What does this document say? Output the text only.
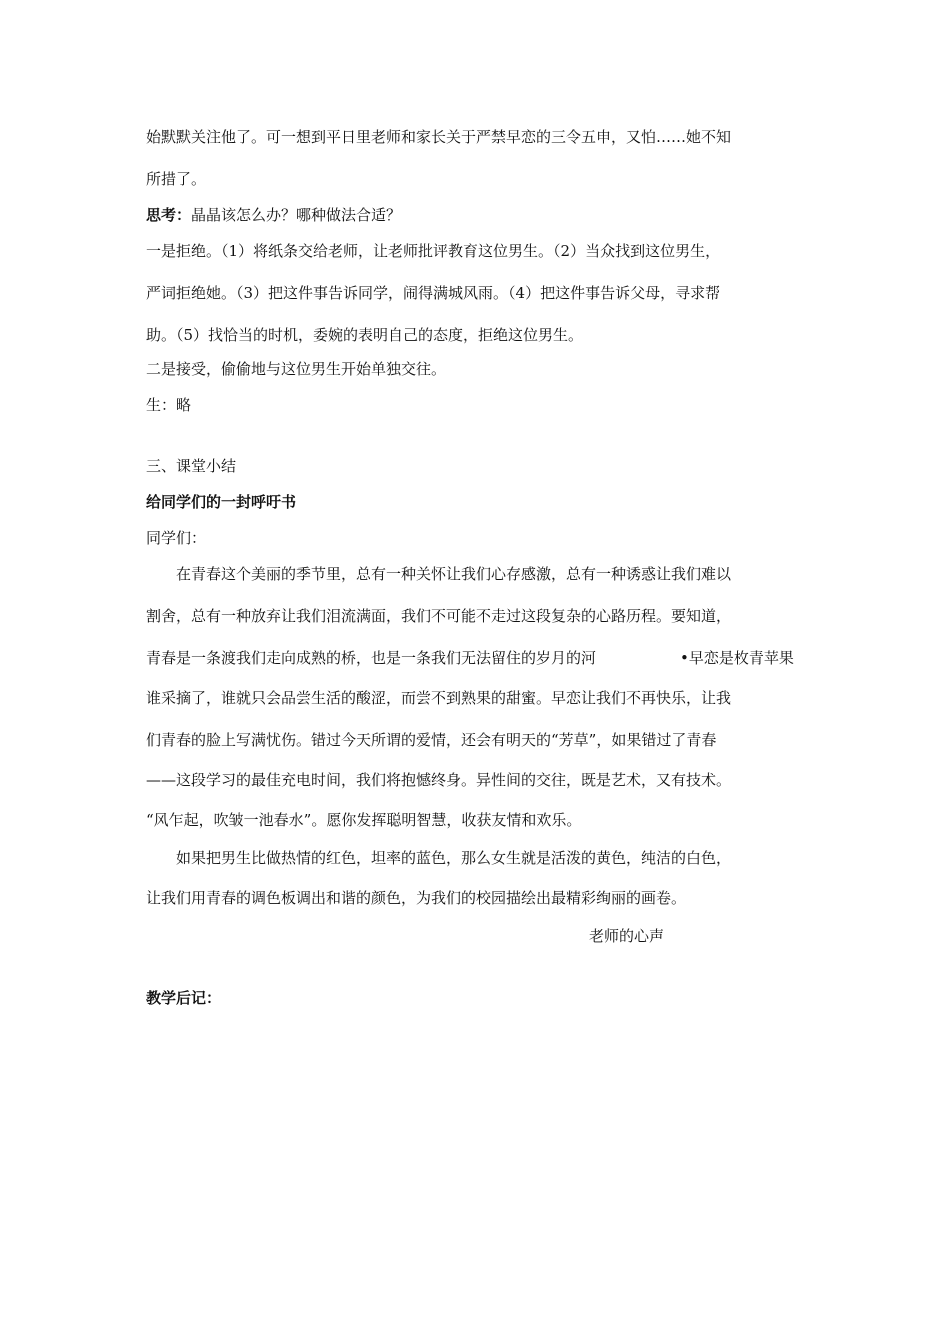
始默默关注他了。可一想到平日里老师和家长关于严禁早恋的三令五申，又怕……她不知
所措了。
思考：晶晶该怎么办？哪种做法合适？
一是拒绝。（1）将纸条交给老师，让老师批评教育这位男生。（2）当众找到这位男生，
严词拒绝她。（3）把这件事告诉同学，闹得满城风雨。（4）把这件事告诉父母，寻求帮
助。（5）找恰当的时机，委婉的表明自己的态度，拒绝这位男生。
二是接受，偷偷地与这位男生开始单独交往。
生：略
三、课堂小结
给同学们的一封呼吁书
同学们：
在青春这个美丽的季节里，总有一种关怀让我们心存感激，总有一种诱惑让我们难以
割舍，总有一种放弃让我们泪流满面，我们不可能不走过这段复杂的心路历程。要知道，
青春是一条渡我们走向成熟的桥，也是一条我们无法留住的岁月的河	•早恋是枚青苹果
谁采摘了，谁就只会品尝生活的酸涩，而尝不到熟果的甜蜜。早恋让我们不再快乐，让我
们青春的脸上写满忧伤。错过今天所谓的爱情，还会有明天的“芳草”，如果错过了青春
——这段学习的最佳充电时间，我们将抱憾终身。异性间的交往，既是艺术，又有技术。
“风乍起，吹皱一池春水”。愿你发挥聪明智慧，收获友情和欢乐。
如果把男生比做热情的红色，坦率的蓝色，那么女生就是活泼的黄色，纯洁的白色，
让我们用青春的调色板调出和谐的颜色，为我们的校园描绘出最精彩绚丽的画卷。
老师的心声
教学后记：
